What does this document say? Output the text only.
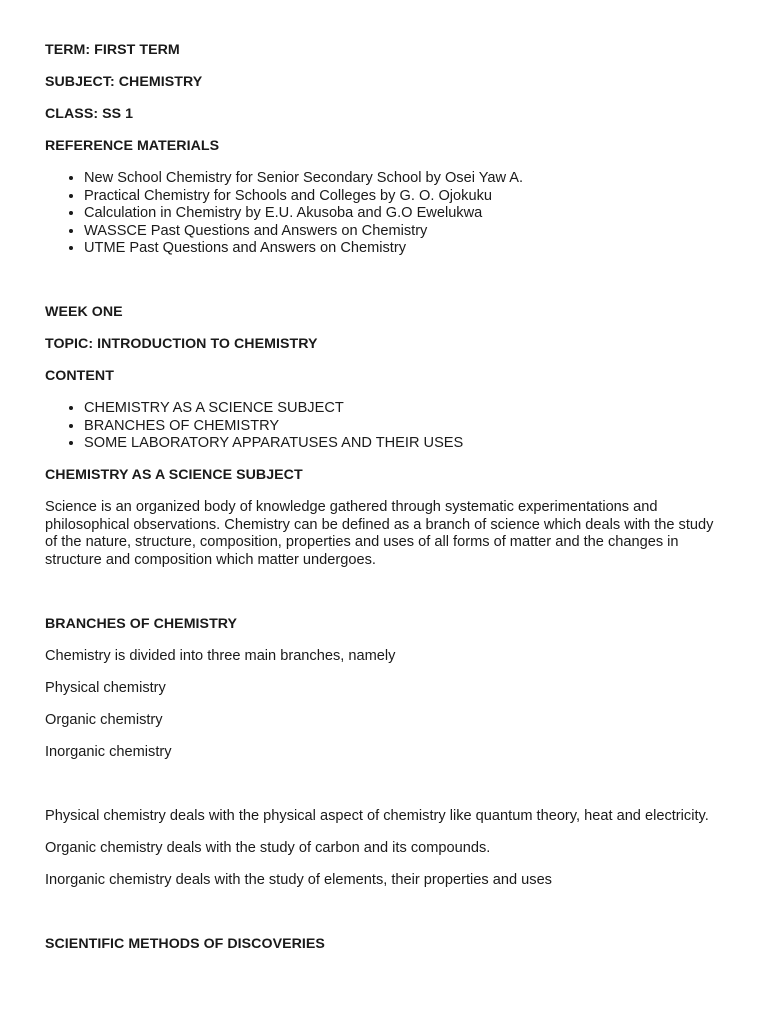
TERM: FIRST TERM
SUBJECT: CHEMISTRY
CLASS: SS 1
REFERENCE MATERIALS
• New School Chemistry for Senior Secondary School by Osei Yaw A.
• Practical Chemistry for Schools and Colleges by G. O. Ojokuku
• Calculation in Chemistry by E.U. Akusoba and G.O Ewelukwa
• WASSCE Past Questions and Answers on Chemistry
• UTME Past Questions and Answers on Chemistry
WEEK ONE
TOPIC: INTRODUCTION TO CHEMISTRY
CONTENT
• CHEMISTRY AS A SCIENCE SUBJECT
• BRANCHES OF CHEMISTRY
• SOME LABORATORY APPARATUSES AND THEIR USES
CHEMISTRY AS A SCIENCE SUBJECT
Science is an organized body of knowledge gathered through systematic experimentations and philosophical observations. Chemistry can be defined as a branch of science which deals with the study of the nature, structure, composition, properties and uses of all forms of matter and the changes in structure and composition which matter undergoes.
BRANCHES OF CHEMISTRY
Chemistry is divided into three main branches, namely
Physical chemistry
Organic chemistry
Inorganic chemistry
Physical chemistry deals with the physical aspect of chemistry like quantum theory, heat and electricity.
Organic chemistry deals with the study of carbon and its compounds.
Inorganic chemistry deals with the study of elements, their properties and uses
SCIENTIFIC METHODS OF DISCOVERIES
